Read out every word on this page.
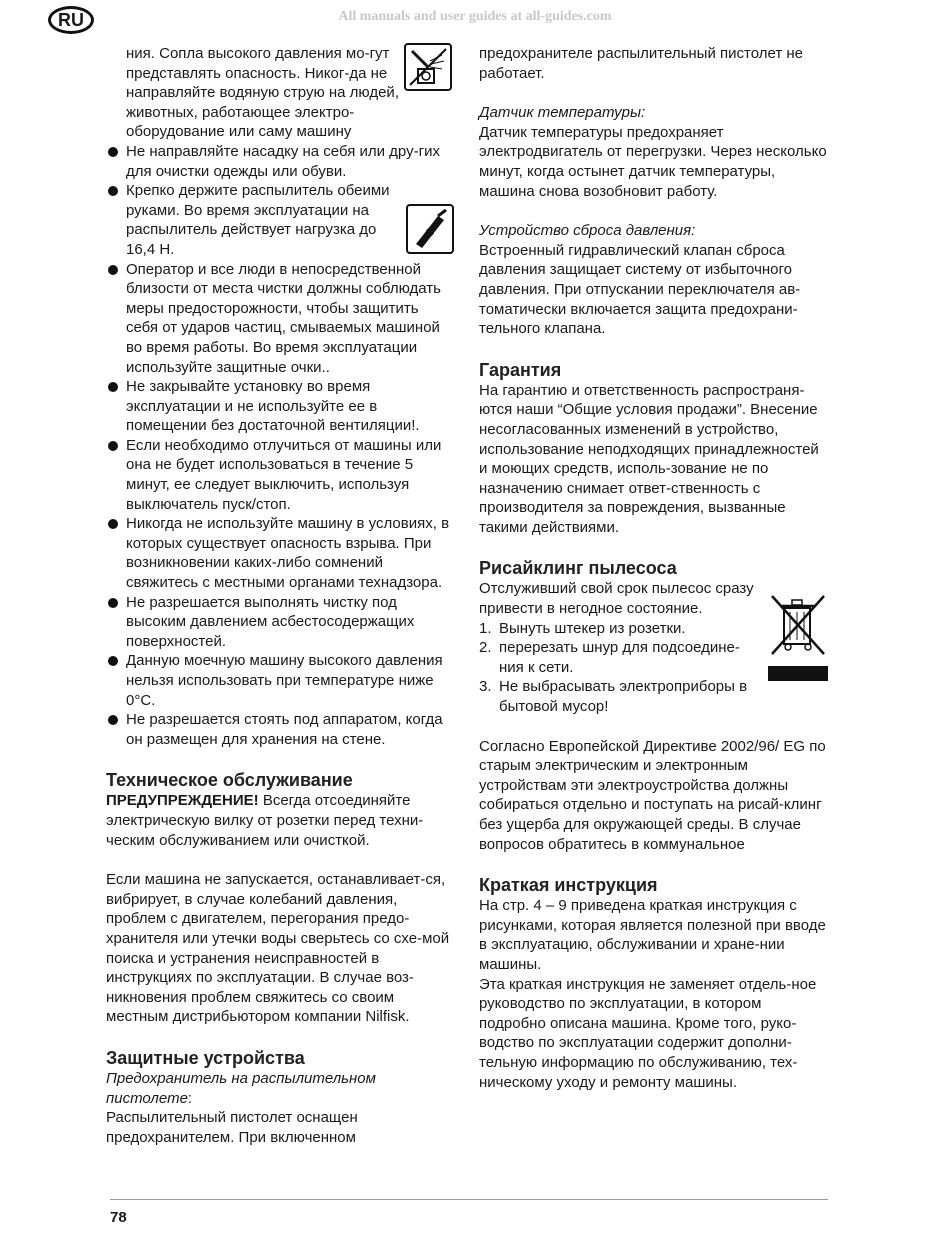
RU	All manuals and user guides at all-guides.com

ния. Сопла высокого давления мо-гут представлять опасность. Никог-да не направляйте водяную струю на людей, животных, работающее электро-оборудование или саму машину

Не направляйте насадку на себя или дру-гих для очистки одежды или обуви.
Крепко держите распылитель обеими руками. Во время эксплуатации на распылитель действует нагрузка до 16,4 Н.
Оператор и все люди в непосредственной близости от места чистки должны соблюдать меры предосторожности, чтобы защитить себя от ударов частиц, смываемых машиной во время работы. Во время эксплуатации используйте защитные очки..
Не закрывайте установку во время эксплуатации и не используйте ее в помещении без достаточной вентиляции!.
Если необходимо отлучиться от машины или она не будет использоваться в течение 5 минут, ее следует выключить, используя выключатель пуск/стоп.
Никогда не используйте машину в условиях, в которых существует опасность взрыва. При возникновении каких-либо сомнений свяжитесь с местными органами технадзора.
Не разрешается выполнять чистку под высоким давлением асбестосодержащих поверхностей.
Данную моечную машину высокого давления нельзя использовать при температуре ниже 0°C.
Не разрешается стоять под аппаратом, когда он размещен для хранения на стене.
Техническое обслуживание

ПРЕДУПРЕЖДЕНИЕ! Всегда отсоединяйте электрическую вилку от розетки перед техни-ческим обслуживанием или очисткой.

Если машина не запускается, останавливает-ся, вибрирует, в случае колебаний давления, проблем с двигателем, перегорания предо-хранителя или утечки воды сверьтесь со схе-мой поиска и устранения неисправностей в инструкциях по эксплуатации. В случае воз-никновения проблем свяжитесь со своим местным дистрибьютором компании Nilfisk.

Защитные устройства

Предохранитель на распылительном пистолете:

Распылительный пистолет оснащен предохранителем. При включенном

предохранителе распылительный пистолет не работает.

Датчик температуры:

Датчик температуры предохраняет электродвигатель от перегрузки. Через несколько минут, когда остынет датчик температуры, машина снова возобновит работу.

Устройство сброса давления:

Встроенный гидравлический клапан сброса давления защищает систему от избыточного давления. При отпускании переключателя ав-томатически включается защита предохрани-тельного клапана.

Гарантия

На гарантию и ответственность распространя-ются наши “Общие условия продажи”. Внесение несогласованных изменений в устройство, использование неподходящих принадлежностей и моющих средств, исполь-зование не по назначению снимает ответ-ственность с производителя за повреждения, вызванные такими действиями.

Рисайклинг пылесоса

Отслуживший свой срок пылесос сразу привести в негодное состояние.

1. Вынуть штекер из розетки.
2. перерезать шнур для подсоедине-ния к сети.
3. Не выбрасывать электроприборы в бытовой мусор!

Согласно Европейской Директиве 2002/96/ EG по старым электрическим и электронным устройствам эти электроустройства должны собираться отдельно и поступать на рисай-клинг без ущерба для окружающей среды. В случае вопросов обратитесь в коммунальное

Краткая инструкция

На стр. 4 – 9 приведена краткая инструкция с рисунками, которая является полезной при вводе в эксплуатацию, обслуживании и хране-нии машины.

Эта краткая инструкция не заменяет отдель-ное руководство по эксплуатации, в котором подробно описана машина. Кроме того, руко-водство по эксплуатации содержит дополни-тельную информацию по обслуживанию, тех-ническому уходу и ремонту машины.

78
